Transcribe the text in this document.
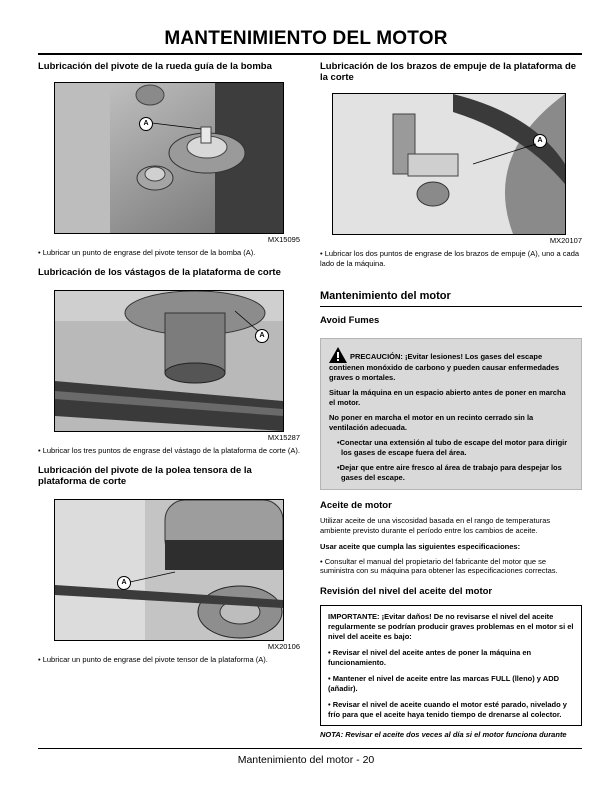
MANTENIMIENTO DEL MOTOR

Lubricación del pivote de la rueda guía de la bomba

A
MX15095

• Lubricar un punto de engrase del pivote tensor de la bomba (A).

Lubricación de los vástagos de la plataforma de corte

A
MX15287

• Lubricar los tres puntos de engrase del vástago de la plataforma de corte (A).

Lubricación del pivote de la polea tensora de la plataforma de corte

A
MX20106

• Lubricar un punto de engrase del pivote tensor de la plataforma (A).

Lubricación de los brazos de empuje de la plataforma de la corte

A
MX20107

• Lubricar los dos puntos de engrase de los brazos de empuje (A), uno a cada lado de la máquina.

Mantenimiento del motor

Avoid Fumes

PRECAUCIÓN: ¡Evitar lesiones! Los gases del escape contienen monóxido de carbono y pueden causar enfermedades graves o mortales.

Situar la máquina en un espacio abierto antes de poner en marcha el motor.

No poner en marcha el motor en un recinto cerrado sin la ventilación adecuada.

•Conectar una extensión al tubo de escape del motor para dirigir los gases de escape fuera del área.

•Dejar que entre aire fresco al área de trabajo para despejar los gases del escape.

Aceite de motor

Utilizar aceite de una viscosidad basada en el rango de temperaturas ambiente previsto durante el período entre los cambios de aceite.

Usar aceite que cumpla las siguientes especificaciones:

• Consultar el manual del propietario del fabricante del motor que se suministra con su máquina para obtener las especificaciones correctas.

Revisión del nivel del aceite del motor

IMPORTANTE: ¡Evitar daños! De no revisarse el nivel del aceite regularmente se podrían producir graves problemas en el motor si el nivel del aceite es bajo:

• Revisar el nivel del aceite antes de poner la máquina en funcionamiento.

• Mantener el nivel de aceite entre las marcas FULL (lleno) y ADD (añadir).

• Revisar el nivel de aceite cuando el motor esté parado, nivelado y frío para que el aceite haya tenido tiempo de drenarse al colector.

NOTA: Revisar el aceite dos veces al día si el motor funciona durante

Mantenimiento del motor - 20
